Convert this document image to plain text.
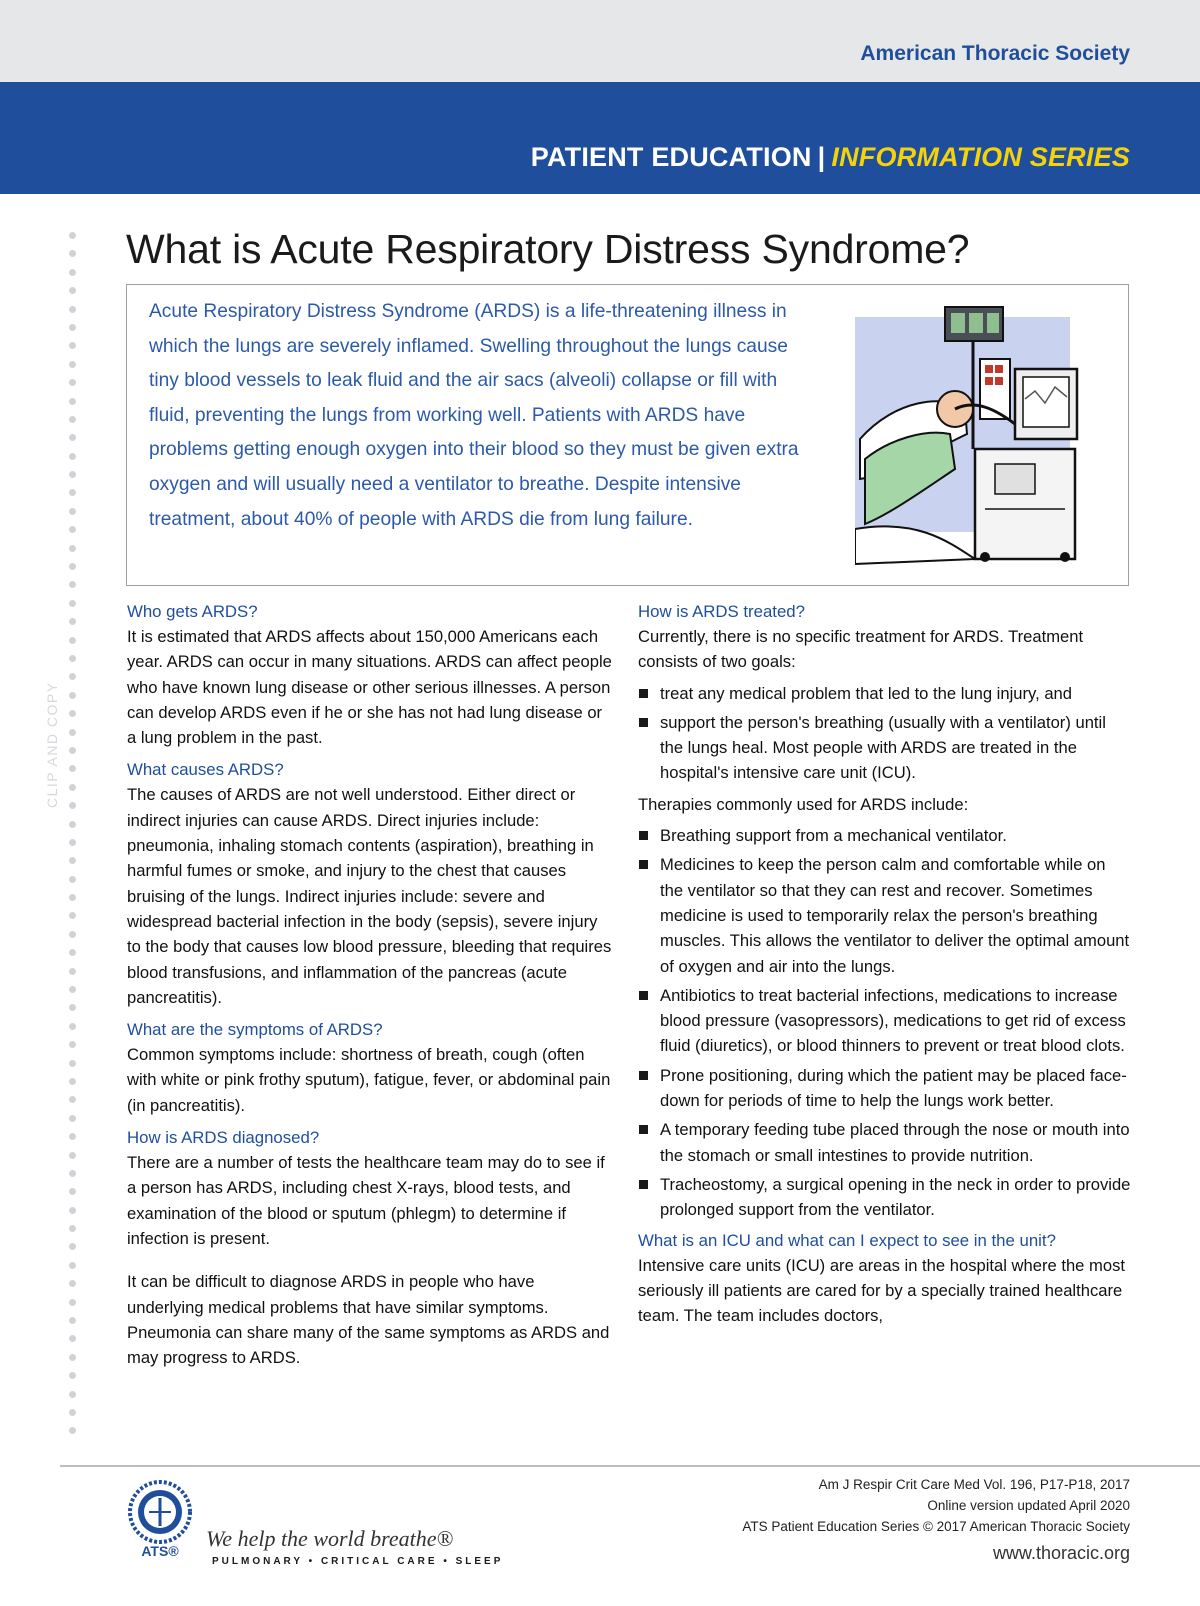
American Thoracic Society
PATIENT EDUCATION | INFORMATION SERIES
CLIP AND COPY
What is Acute Respiratory Distress Syndrome?

Acute Respiratory Distress Syndrome (ARDS) is a life-threatening illness in which the lungs are severely inflamed. Swelling throughout the lungs cause tiny blood vessels to leak fluid and the air sacs (alveoli) collapse or fill with fluid, preventing the lungs from working well. Patients with ARDS have problems getting enough oxygen into their blood so they must be given extra oxygen and will usually need a ventilator to breathe. Despite intensive treatment, about 40% of people with ARDS die from lung failure.

Who gets ARDS?

It is estimated that ARDS affects about 150,000 Americans each year. ARDS can occur in many situations. ARDS can affect people who have known lung disease or other serious illnesses. A person can develop ARDS even if he or she has not had lung disease or a lung problem in the past.

What causes ARDS?

The causes of ARDS are not well understood. Either direct or indirect injuries can cause ARDS. Direct injuries include: pneumonia, inhaling stomach contents (aspiration), breathing in harmful fumes or smoke, and injury to the chest that causes bruising of the lungs. Indirect injuries include: severe and widespread bacterial infection in the body (sepsis), severe injury to the body that causes low blood pressure, bleeding that requires blood transfusions, and inflammation of the pancreas (acute pancreatitis).

What are the symptoms of ARDS?

Common symptoms include: shortness of breath, cough (often with white or pink frothy sputum), fatigue, fever, or abdominal pain (in pancreatitis).

How is ARDS diagnosed?

There are a number of tests the healthcare team may do to see if a person has ARDS, including chest X-rays, blood tests, and examination of the blood or sputum (phlegm) to determine if infection is present.

It can be difficult to diagnose ARDS in people who have underlying medical problems that have similar symptoms. Pneumonia can share many of the same symptoms as ARDS and may progress to ARDS.

How is ARDS treated?

Currently, there is no specific treatment for ARDS. Treatment consists of two goals:

treat any medical problem that led to the lung injury, and
support the person's breathing (usually with a ventilator) until the lungs heal. Most people with ARDS are treated in the hospital's intensive care unit (ICU).

Therapies commonly used for ARDS include:

Breathing support from a mechanical ventilator.
Medicines to keep the person calm and comfortable while on the ventilator so that they can rest and recover. Sometimes medicine is used to temporarily relax the person's breathing muscles. This allows the ventilator to deliver the optimal amount of oxygen and air into the lungs.
Antibiotics to treat bacterial infections, medications to increase blood pressure (vasopressors), medications to get rid of excess fluid (diuretics), or blood thinners to prevent or treat blood clots.
Prone positioning, during which the patient may be placed face-down for periods of time to help the lungs work better.
A temporary feeding tube placed through the nose or mouth into the stomach or small intestines to provide nutrition.
Tracheostomy, a surgical opening in the neck in order to provide prolonged support from the ventilator.
What is an ICU and what can I expect to see in the unit?

Intensive care units (ICU) are areas in the hospital where the most seriously ill patients are cared for by a specially trained healthcare team. The team includes doctors,

ATS® We help the world breathe®
PULMONARY • CRITICAL CARE • SLEEP
Am J Respir Crit Care Med Vol. 196, P17-P18, 2017
Online version updated April 2020
ATS Patient Education Series © 2017 American Thoracic Society
www.thoracic.org
